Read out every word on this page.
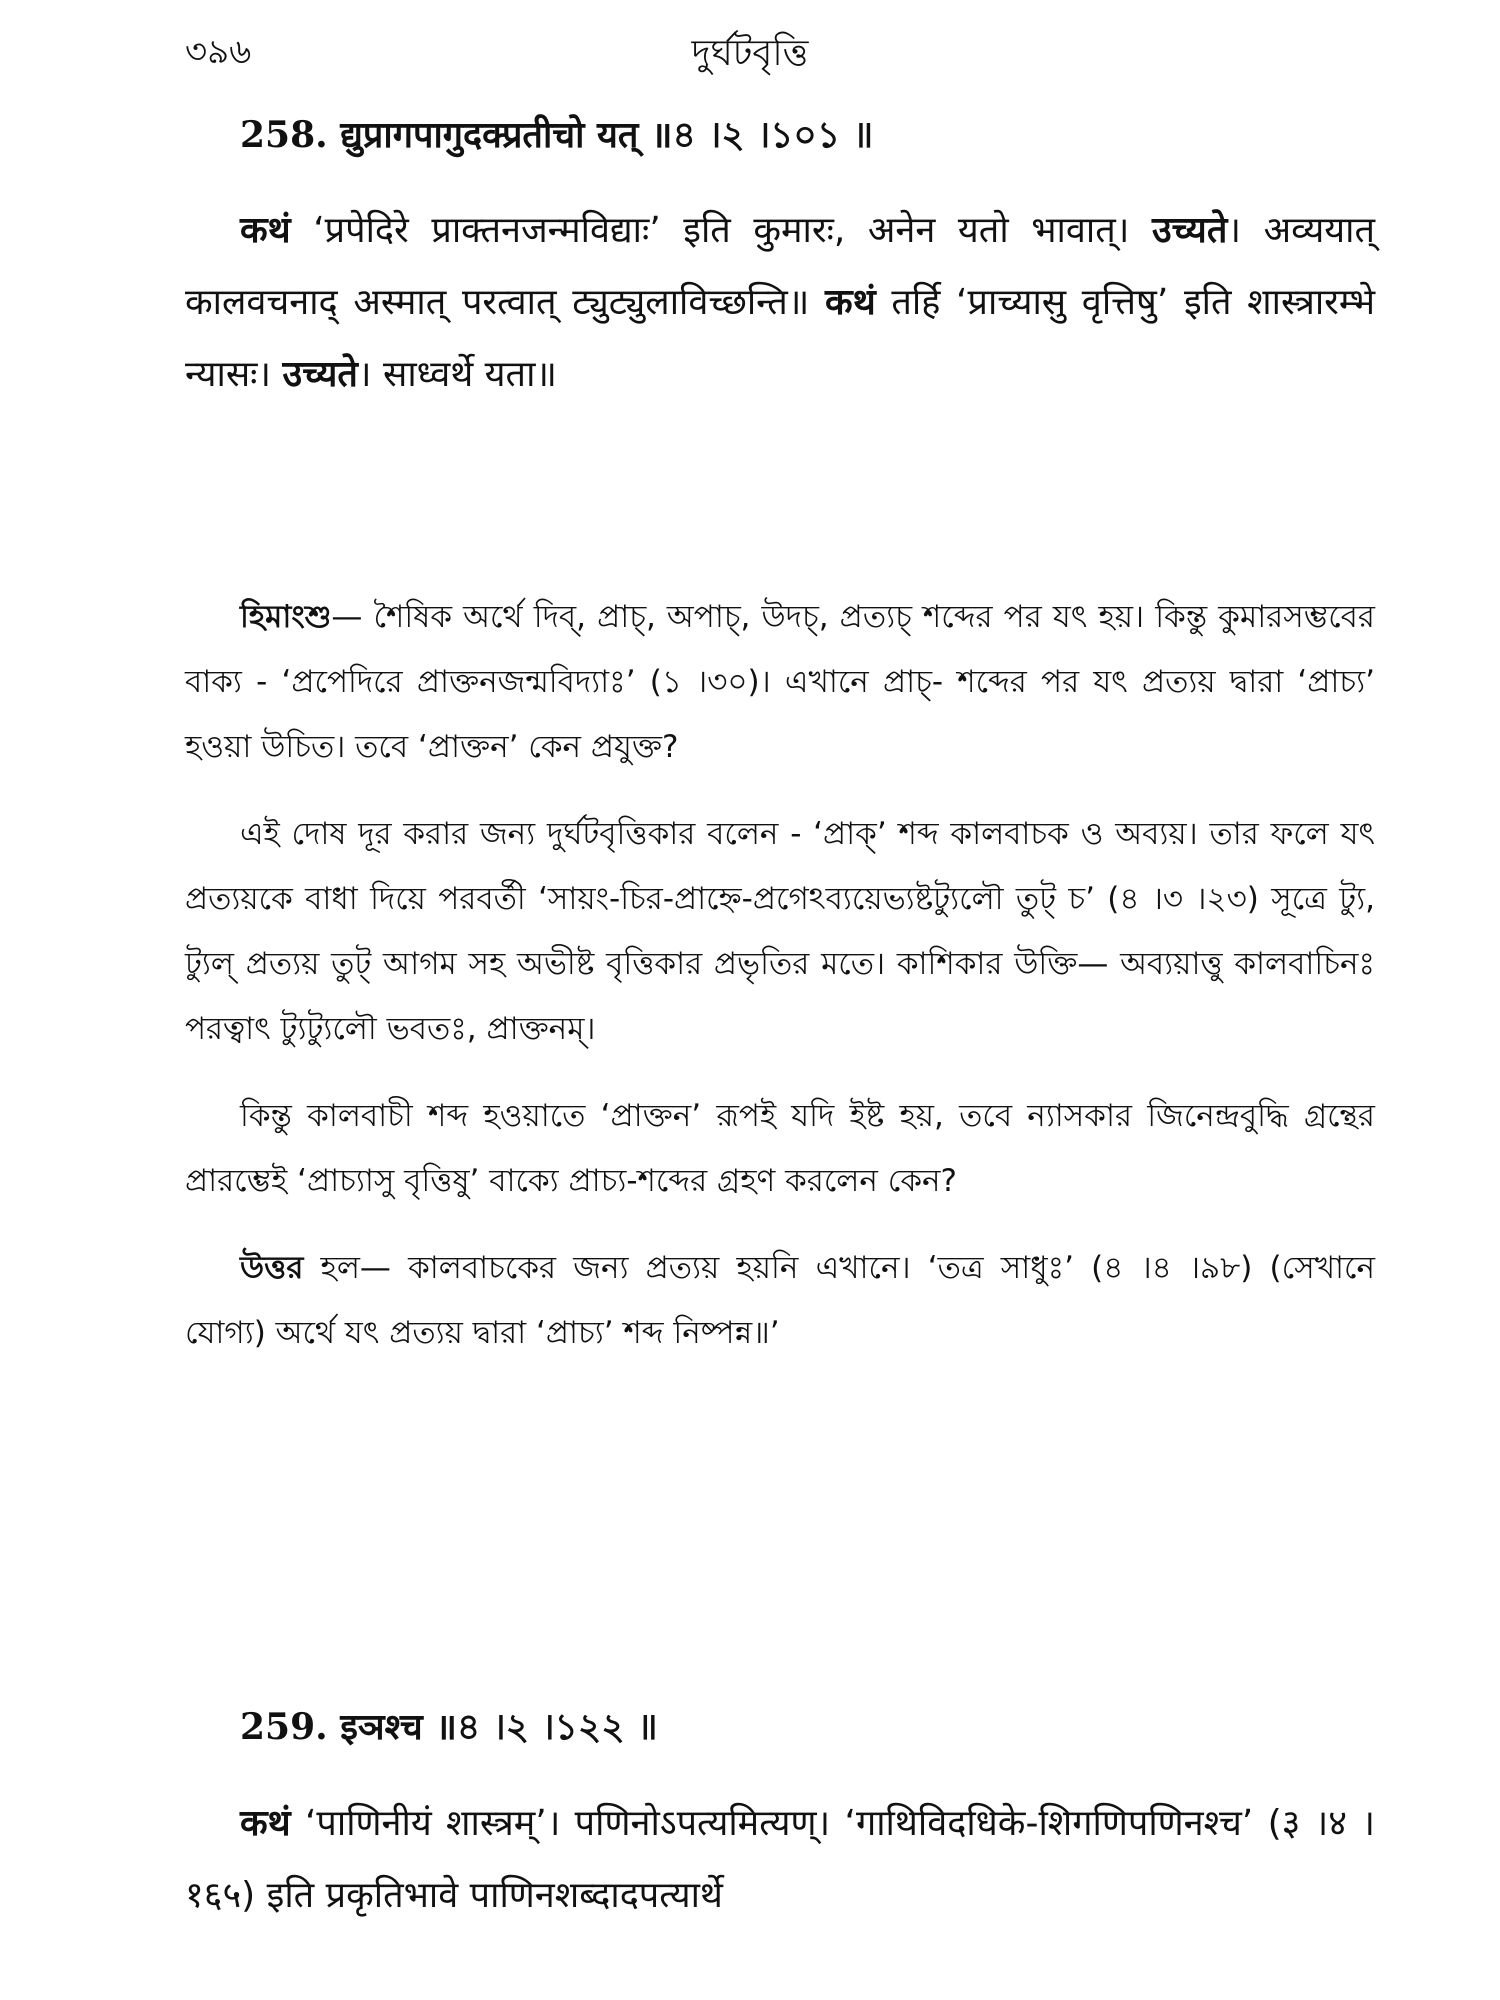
৩৯৬	দুর্ঘটবৃত্তি
258. द्युप्रागपागुदक्प्रतीचो यत् ॥৪ ।২ ।১০১ ॥

कथं ‘प्रपेदिरे प्राक्तनजन्मविद्याः’ इति कुमारः, अनेन यतो भावात्। उच्यते। अव्ययात् कालवचनाद् अस्मात् परत्वात् ट्युट्युलाविच्छन्ति॥ कथं तर्हि ‘प्राच्यासु वृत्तिषु’ इति शास्त्रारम्भे न्यासः। उच्यते। साध्वर्थे यता॥

হিমাংশু— শৈষিক অর্থে দিব্, প্রাচ্, অপাচ্, উদচ্, প্রত্যচ্ শব্দের পর যৎ হয়। কিন্তু কুমারসম্ভবের বাক্য - ‘প্রপেদিরে প্রাক্তনজন্মবিদ্যাঃ’ (১ ।৩০)। এখানে প্রাচ্- শব্দের পর যৎ প্রত্যয় দ্বারা ‘প্রাচ্য’ হওয়া উচিত। তবে ‘প্রাক্তন’ কেন প্রযুক্ত?

এই দোষ দূর করার জন্য দুর্ঘটবৃত্তিকার বলেন - ‘প্রাক্’ শব্দ কালবাচক ও অব্যয়। তার ফলে যৎ প্রত্যয়কে বাধা দিয়ে পরবর্তী ‘সায়ং-চির-প্রাহ্নে-প্রগেঽব্যয়েভ্যষ্টট্যুলৌ তুট্ চ’ (৪ ।৩ ।২৩) সূত্রে ট্যু, ট্যুল্ প্রত্যয় তুট্ আগম সহ অভীষ্ট বৃত্তিকার প্রভৃতির মতে। কাশিকার উক্তি— অব্যয়াত্তু কালবাচিনঃ পরত্বাৎ ট্যুট্যুলৌ ভবতঃ, প্রাক্তনম্।

কিন্তু কালবাচী শব্দ হওয়াতে ‘প্রাক্তন’ রূপই যদি ইষ্ট হয়, তবে ন্যাসকার জিনেন্দ্রবুদ্ধি গ্রন্থের প্রারম্ভেই ‘প্রাচ্যাসু বৃত্তিষু’ বাক্যে প্রাচ্য-শব্দের গ্রহণ করলেন কেন?

উত্তর হল— কালবাচকের জন্য প্রত্যয় হয়নি এখানে। ‘তত্র সাধুঃ’ (৪ ।৪ ।৯৮) (সেখানে যোগ্য) অর্থে যৎ প্রত্যয় দ্বারা ‘প্রাচ্য’ শব্দ নিষ্পন্ন॥’

259. इञश्च ॥৪ ।২ ।১২২ ॥

कथं ‘पाणिनीयं शास्त्रम्’। पणिनोऽपत्यमित्यण्। ‘गाथिविदधिके-शिगणिपणिनश्च’ (३ ।४ ।१६५) इति प्रकृतिभावे पाणिनशब्दादपत्यार्थे
